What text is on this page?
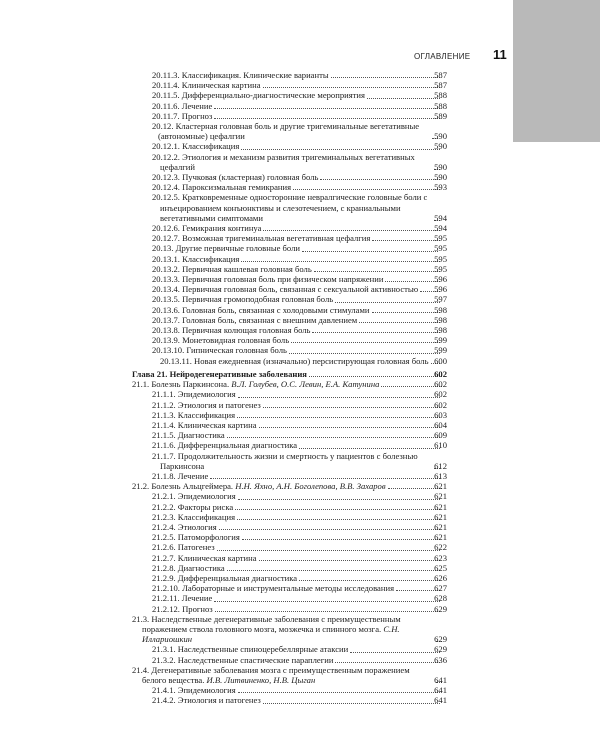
ОГЛАВЛЕНИЕ 11
20.11.3. Классификация. Клинические варианты	587
20.11.4. Клиническая картина	587
20.11.5. Дифференциально-диагностические мероприятия	588
20.11.6. Лечение	588
20.11.7. Прогноз	589
20.12. Кластерная головная боль и другие тригеминальные вегетативные (автономные) цефалгии	590
20.12.1. Классификация	590
20.12.2. Этиология и механизм развития тригеминальных вегетативных цефалгий	590
20.12.3. Пучковая (кластерная) головная боль	590
20.12.4. Пароксизмальная гемикрания	593
20.12.5. Кратковременные односторонние невралгические головные боли с инъецированием конъюнктивы и слезотечением, с краниальными вегетативными симптомами	594
20.12.6. Гемикрания континуа	594
20.12.7. Возможная тригеминальная вегетативная цефалгия	595
20.13. Другие первичные головные боли	595
20.13.1. Классификация	595
20.13.2. Первичная кашлевая головная боль	595
20.13.3. Первичная головная боль при физическом напряжении	596
20.13.4. Первичная головная боль, связанная с сексуальной активностью 596
20.13.5. Первичная громоподобная головная боль	597
20.13.6. Головная боль, связанная с холодовыми стимулами	598
20.13.7. Головная боль, связанная с внешним давлением	598
20.13.8. Первичная колющая головная боль	598
20.13.9. Монетовидная головная боль	599
20.13.10. Гипническая головная боль	599
20.13.11. Новая ежедневная (изначально) персистирующая головная боль 600
Глава 21. Нейродегенеративные заболевания	602
21.1. Болезнь Паркинсона. В.Л. Голубев, О.С. Левин, Е.А. Катунина	602
21.1.1. Эпидемиология	602
21.1.2. Этиология и патогенез	602
21.1.3. Классификация	603
21.1.4. Клиническая картина	604
21.1.5. Диагностика	609
21.1.6. Дифференциальная диагностика	610
21.1.7. Продолжительность жизни и смертность у пациентов с болезнью Паркинсона	612
21.1.8. Лечение	613
21.2. Болезнь Альцгеймера. Н.Н. Яхно, А.Н. Боголепова, В.В. Захаров	621
21.2.1. Эпидемиология	621
21.2.2. Факторы риска	621
21.2.3. Классификация	621
21.2.4. Этиология	621
21.2.5. Патоморфология	621
21.2.6. Патогенез	622
21.2.7. Клиническая картина	623
21.2.8. Диагностика	625
21.2.9. Дифференциальная диагностика	626
21.2.10. Лабораторные и инструментальные методы исследования	627
21.2.11. Лечение	628
21.2.12. Прогноз	629
21.3. Наследственные дегенеративные заболевания с преимущественным поражением ствола головного мозга, мозжечка и спинного мозга. С.Н. Иллариошкин	629
21.3.1. Наследственные спиноцеребеллярные атаксии	629
21.3.2. Наследственные спастические параплегии	636
21.4. Дегенеративные заболевания мозга с преимущественным поражением белого вещества. И.В. Литвиненко, Н.В. Цыган	641
21.4.1. Эпидемиология	641
21.4.2. Этиология и патогенез	641
